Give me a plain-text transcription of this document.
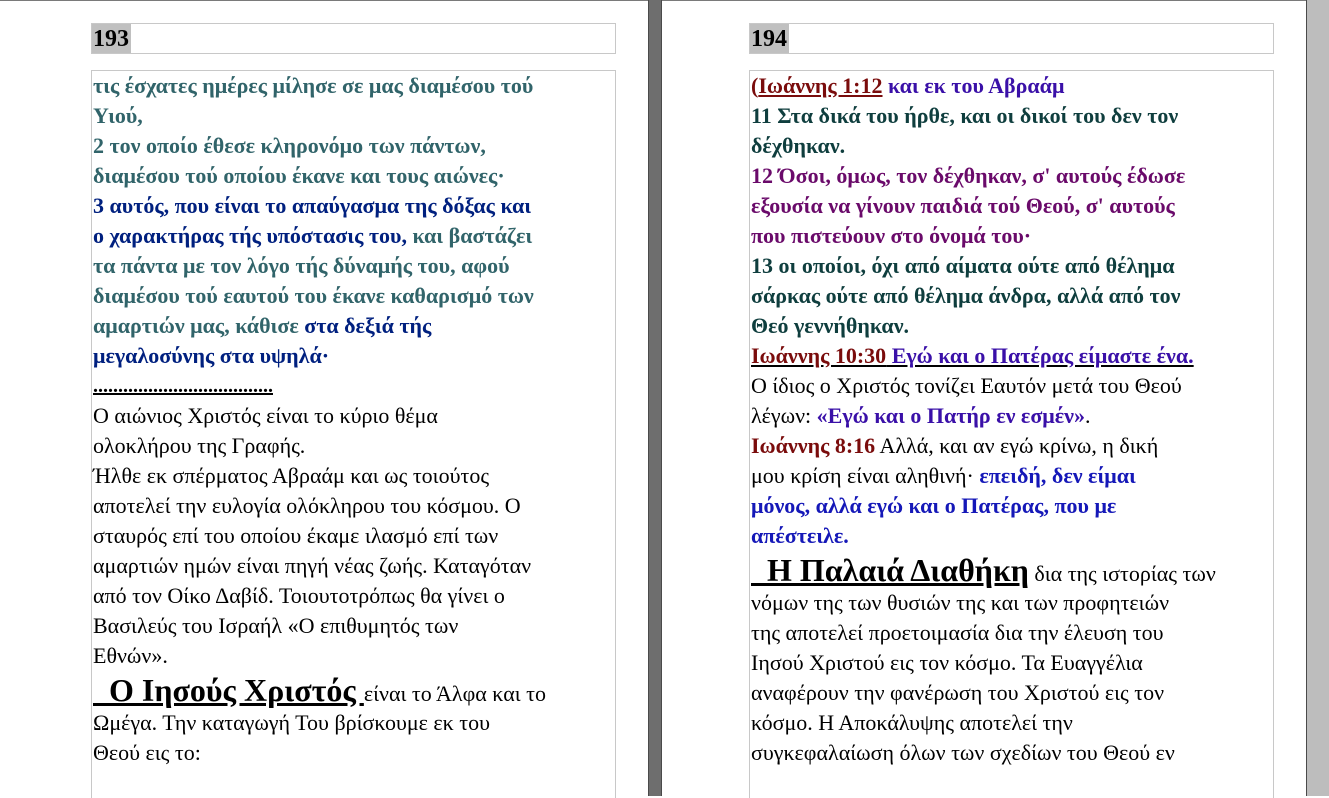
193
τις έσχατες ημέρες μίλησε σε μας διαμέσου τού
Υιού,
2 τον οποίο έθεσε κληρονόμο των πάντων,
διαμέσου τού οποίου έκανε και τους αιώνες·
3 αυτός, που είναι το απαύγασμα της δόξας και
ο χαρακτήρας τής υπόστασις του, και βαστάζει
τα πάντα με τον λόγο τής δύναμής του, αφού
διαμέσου τού εαυτού του έκανε καθαρισμό των
αμαρτιών μας, κάθισε στα δεξιά τής
μεγαλοσύνης στα υψηλά·
....................................
Ο αιώνιος Χριστός είναι το κύριο θέμα
ολοκλήρου της Γραφής.
Ήλθε εκ σπέρματος Αβραάμ και ως τοιούτος
αποτελεί την ευλογία ολόκληρου του κόσμου. Ο
σταυρός επί του οποίου έκαμε ιλασμό επί των
αμαρτιών ημών είναι πηγή νέας ζωής. Καταγόταν
από τον Οίκο Δαβίδ. Τοιουτοτρόπως θα γίνει ο
Βασιλεύς του Ισραήλ «Ο επιθυμητός των
Εθνών».
Ο Ιησούς Χριστός είναι το Άλφα και το
Ωμέγα. Την καταγωγή Του βρίσκουμε εκ του
Θεού εις το:
194
(Ιωάννης 1:12 και εκ του Αβραάμ
11 Στα δικά του ήρθε, και οι δικοί του δεν τον
δέχθηκαν.
12 Όσοι, όμως, τον δέχθηκαν, σ' αυτούς έδωσε
εξουσία να γίνουν παιδιά τού Θεού, σ' αυτούς
που πιστεύουν στο όνομά του·
13 οι οποίοι, όχι από αίματα ούτε από θέλημα
σάρκας ούτε από θέλημα άνδρα, αλλά από τον
Θεό γεννήθηκαν.
Ιωάννης 10:30 Εγώ και ο Πατέρας είμαστε ένα.
Ο ίδιος ο Χριστός τονίζει Εαυτόν μετά του Θεού
λέγων: «Εγώ και ο Πατήρ εν εσμέν».
Ιωάννης 8:16 Αλλά, και αν εγώ κρίνω, η δική
μου κρίση είναι αληθινή· επειδή, δεν είμαι
μόνος, αλλά εγώ και ο Πατέρας, που με
απέστειλε.
Η Παλαιά Διαθήκη δια της ιστορίας των
νόμων της των θυσιών της και των προφητειών
της αποτελεί προετοιμασία δια την έλευση του
Ιησού Χριστού εις τον κόσμο. Τα Ευαγγέλια
αναφέρουν την φανέρωση του Χριστού εις τον
κόσμο. Η Αποκάλυψης αποτελεί την
συγκεφαλαίωση όλων των σχεδίων του Θεού εν
